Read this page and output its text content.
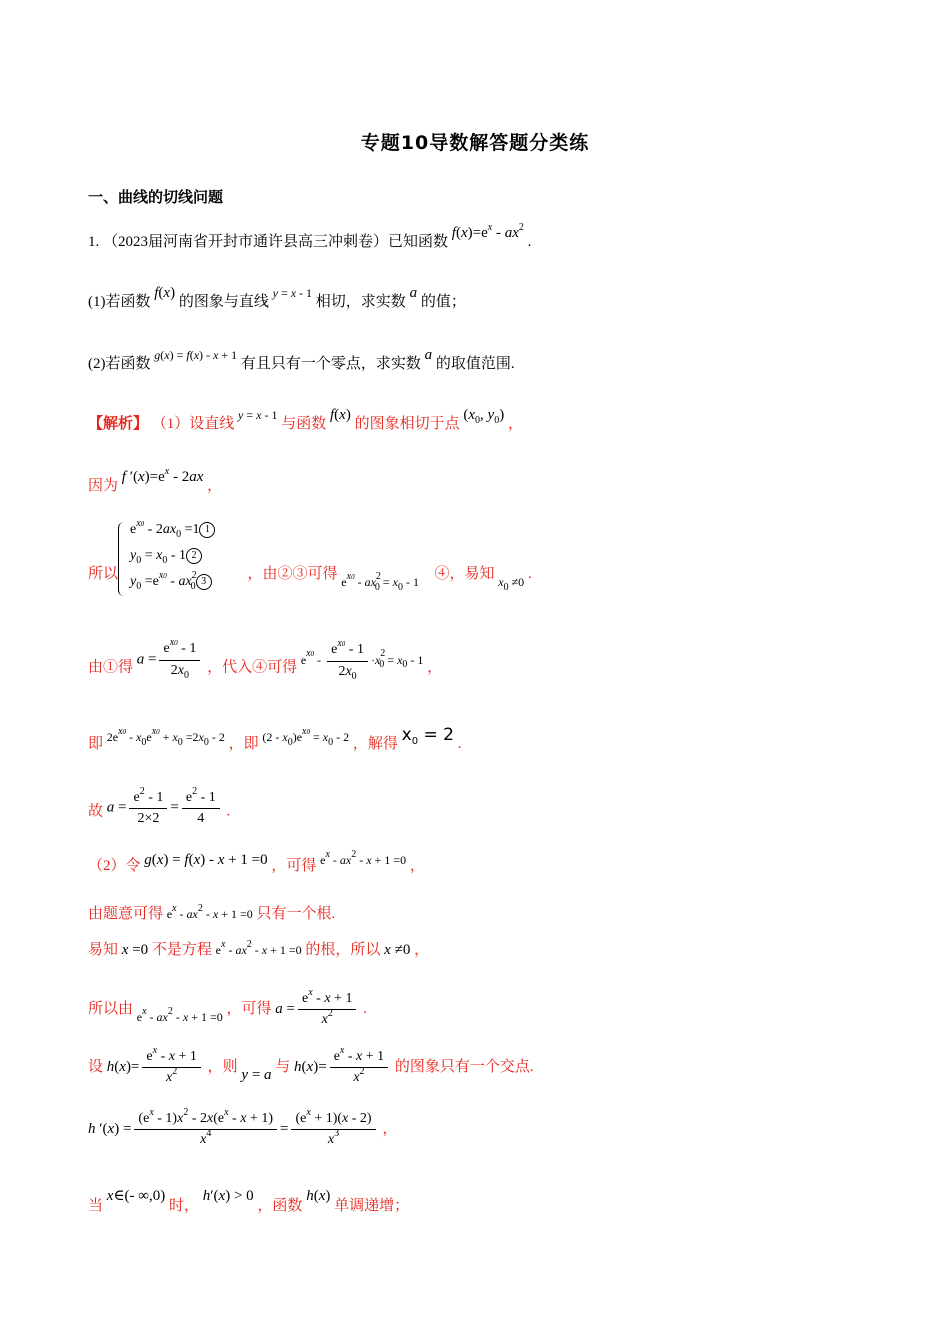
专题10导数解答题分类练
一、曲线的切线问题
1. （2023届河南省开封市通许县高三冲刺卷）已知函数 $f(x)=e^x - ax^2$ .
(1)若函数 f(x) 的图象与直线 y = x - 1 相切，求实数 a 的值；
(2)若函数 g(x) = f(x) - x + 1 有且只有一个零点，求实数 a 的取值范围.
【解析】 （1）设直线 y = x - 1 与函数 f(x) 的图象相切于点 ($x_0$, $y_0$) ，
因为 f $'(x)=e^x - 2ax$ ，
$e^{x0} - 2ax_0 =1$ 1
$y_0 = x_0 - 1$ 2
$y_0 =e^{x0} - ax^2_0$ 3
所以	，由②③可得 $e^{x0} - ax^2_0 = x_0 - 1$ ④，易知 $x_0 \ne 0$ .
由①得 $a = \frac{e^{x0} - 1}{2x_0}$ ，代入④可得 $e^{x0} - \frac{e^{x0} - 1}{2x_0} \cdot x^2_0 = x_0 - 1$ ，
即 $2e^{x0} - x_0e^{x0} + x_0 =2x_0 - 2$ ，即 $(2 - x_0)e^{x0} = x_0 - 2$ ，解得 $x_0 = 2$ .
故 $a = \frac{e^2 - 1}{2\times 2} = \frac{e^2 - 1}{4}$ .
（2）令 g(x) = f(x) - x + 1 =0 ，可得 $e^x - ax^2 - x + 1 =0$ ，
由题意可得 $e^x - ax^2 - x + 1 =0$ 只有一个根.
易知 x =0 不是方程 $e^x - ax^2 - x + 1 =0$ 的根，所以 x ≠0 ，
所以由 $e^x - ax^2 - x + 1 =0$ ，可得 $a = \frac{e^x - x + 1}{x^2}$ .
设 $h(x)= \frac{e^x - x + 1}{x^2}$ ，则 y = a 与 $h(x)= \frac{e^x - x + 1}{x^2}$ 的图象只有一个交点.
h $'(x) = \frac{(e^x - 1)x^2 - 2x(e^x - x + 1)}{x^4} = \frac{(e^x + 1)(x - 2)}{x^3}$ ，
当 x∈(- ∞,0) 时， h′(x) > 0 ，函数 h(x) 单调递增；
